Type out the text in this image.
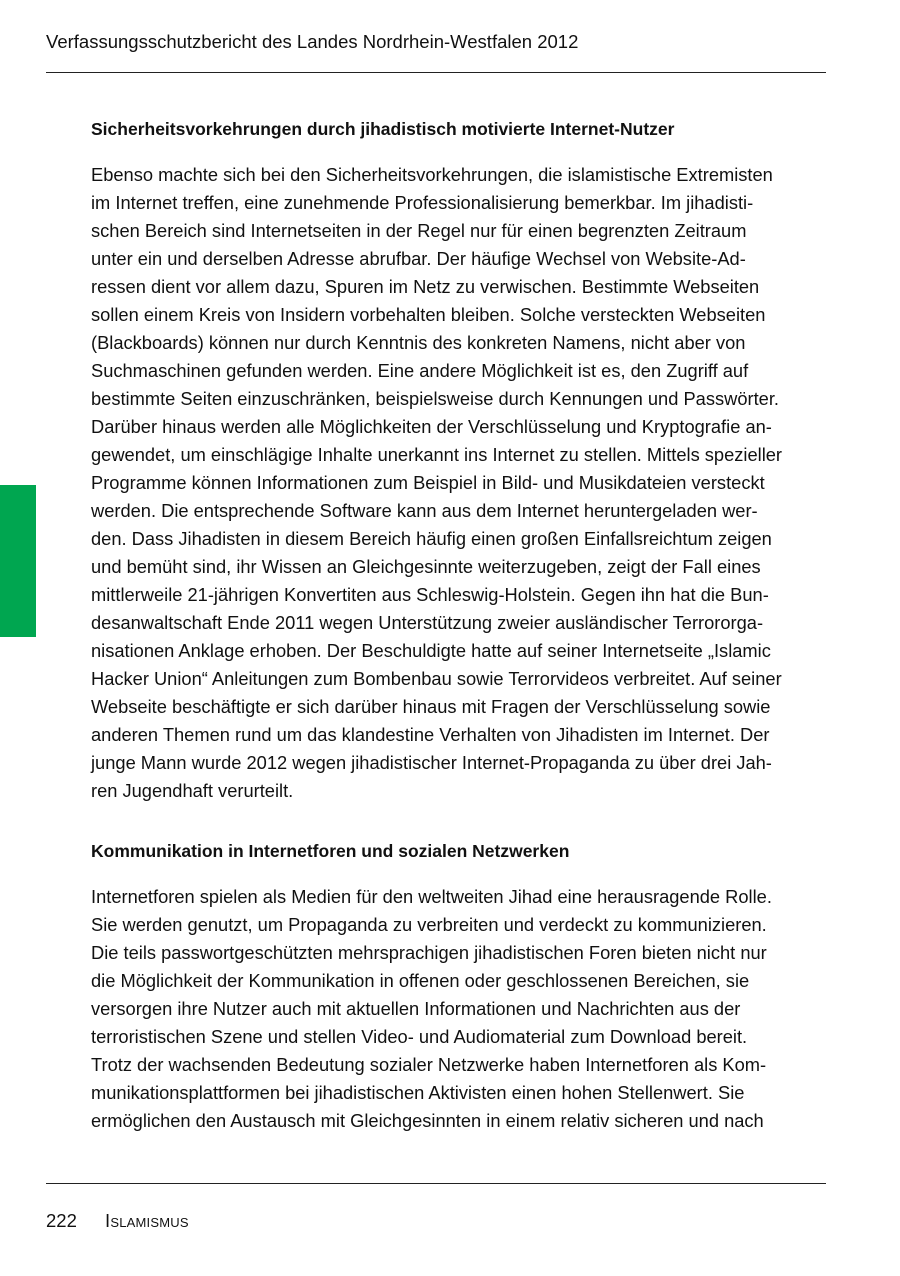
Verfassungsschutzbericht des Landes Nordrhein-Westfalen 2012
Sicherheitsvorkehrungen durch jihadistisch motivierte Internet-Nutzer
Ebenso machte sich bei den Sicherheitsvorkehrungen, die islamistische Extremisten
im Internet treffen, eine zunehmende Professionalisierung bemerkbar. Im jihadisti-
schen Bereich sind Internetseiten in der Regel nur für einen begrenzten Zeitraum
unter ein und derselben Adresse abrufbar. Der häufige Wechsel von Website-Ad-
ressen dient vor allem dazu, Spuren im Netz zu verwischen. Bestimmte Webseiten
sollen einem Kreis von Insidern vorbehalten bleiben. Solche versteckten Webseiten
(Blackboards) können nur durch Kenntnis des konkreten Namens, nicht aber von
Suchmaschinen gefunden werden. Eine andere Möglichkeit ist es, den Zugriff auf
bestimmte Seiten einzuschränken, beispielsweise durch Kennungen und Passwörter.
Darüber hinaus werden alle Möglichkeiten der Verschlüsselung und Kryptografie an-
gewendet, um einschlägige Inhalte unerkannt ins Internet zu stellen. Mittels spezieller
Programme können Informationen zum Beispiel in Bild- und Musikdateien versteckt
werden. Die entsprechende Software kann aus dem Internet heruntergeladen wer-
den. Dass Jihadisten in diesem Bereich häufig einen großen Einfallsreichtum zeigen
und bemüht sind, ihr Wissen an Gleichgesinnte weiterzugeben, zeigt der Fall eines
mittlerweile 21-jährigen Konvertiten aus Schleswig-Holstein. Gegen ihn hat die Bun-
desanwaltschaft Ende 2011 wegen Unterstützung zweier ausländischer Terrororga-
nisationen Anklage erhoben. Der Beschuldigte hatte auf seiner Internetseite „Islamic
Hacker Union“ Anleitungen zum Bombenbau sowie Terrorvideos verbreitet. Auf seiner
Webseite beschäftigte er sich darüber hinaus mit Fragen der Verschlüsselung sowie
anderen Themen rund um das klandestine Verhalten von Jihadisten im Internet. Der
junge Mann wurde 2012 wegen jihadistischer Internet-Propaganda zu über drei Jah-
ren Jugendhaft verurteilt.
Kommunikation in Internetforen und sozialen Netzwerken
Internetforen spielen als Medien für den weltweiten Jihad eine herausragende Rolle.
Sie werden genutzt, um Propaganda zu verbreiten und verdeckt zu kommunizieren.
Die teils passwortgeschützten mehrsprachigen jihadistischen Foren bieten nicht nur
die Möglichkeit der Kommunikation in offenen oder geschlossenen Bereichen, sie
versorgen ihre Nutzer auch mit aktuellen Informationen und Nachrichten aus der
terroristischen Szene und stellen Video- und Audiomaterial zum Download bereit.
Trotz der wachsenden Bedeutung sozialer Netzwerke haben Internetforen als Kom-
munikationsplattformen bei jihadistischen Aktivisten einen hohen Stellenwert. Sie
ermöglichen den Austausch mit Gleichgesinnten in einem relativ sicheren und nach
222 Islamismus
